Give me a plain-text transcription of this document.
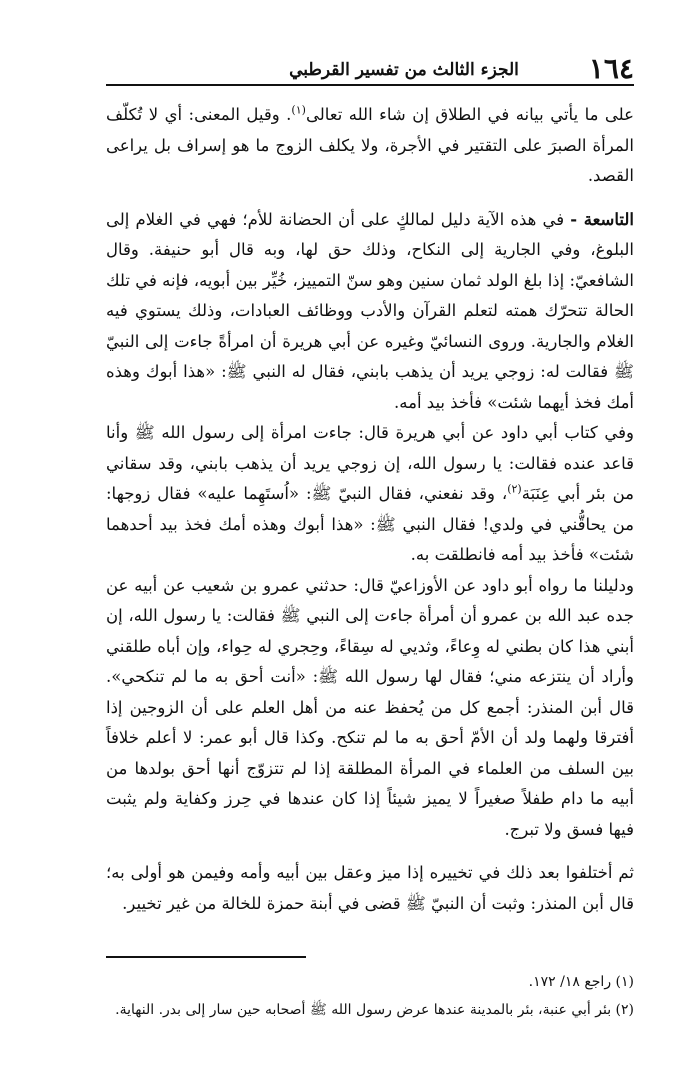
١٦٤
الجزء الثالث من تفسير القرطبي

على ما يأتي بيانه في الطلاق إن شاء الله تعالى$^{(١)}$. وقيل المعنى: أي لا تُكلّف المرأة الصبرَ على التقتير في الأجرة، ولا يكلف الزوج ما هو إسراف بل يراعى القصد.

التاسعة - في هذه الآية دليل لمالكٍ على أن الحضانة للأم؛ فهي في الغلام إلى البلوغ، وفي الجارية إلى النكاح، وذلك حق لها، وبه قال أبو حنيفة. وقال الشافعيّ: إذا بلغ الولد ثمان سنين وهو سنّ التمييز، خُيِّر بين أبويه، فإنه في تلك الحالة تتحرّك همته لتعلم القرآن والأدب ووظائف العبادات، وذلك يستوي فيه الغلام والجارية. وروى النسائيّ وغيره عن أبي هريرة أن امرأةً جاءت إلى النبيّ ﷺ فقالت له: زوجي يريد أن يذهب بابني، فقال له النبي ﷺ: «هذا أبوك وهذه أمك فخذ أيهما شئت» فأخذ بيد أمه.

وفي كتاب أبي داود عن أبي هريرة قال: جاءت امرأة إلى رسول الله ﷺ وأنا قاعد عنده فقالت: يا رسول الله، إن زوجي يريد أن يذهب بابني، وقد سقاني من بئر أبي عِنَبَة$^{(٢)}$، وقد نفعني، فقال النبيّ ﷺ: «اُستَهِما عليه» فقال زوجها: من يحاقُّني في ولدي! فقال النبي ﷺ: «هذا أبوك وهذه أمك فخذ بيد أحدهما شئت» فأخذ بيد أمه فانطلقت به.

ودليلنا ما رواه أبو داود عن الأوزاعيّ قال: حدثني عمرو بن شعيب عن أبيه عن جده عبد الله بن عمرو أن أمرأة جاءت إلى النبي ﷺ فقالت: يا رسول الله، إن أبني هذا كان بطني له وِعاءً، وثديي له سِقاءً، وحِجري له حِواء، وإن أباه طلقني وأراد أن ينتزعه مني؛ فقال لها رسول الله ﷺ: «أنت أحق به ما لم تنكحي». قال أبن المنذر: أجمع كل من يُحفظ عنه من أهل العلم على أن الزوجين إذا أفترقا ولهما ولد أن الأمّ أحق به ما لم تنكح. وكذا قال أبو عمر: لا أعلم خلافاً بين السلف من العلماء في المرأة المطلقة إذا لم تتزوّج أنها أحق بولدها من أبيه ما دام طفلاً صغيراً لا يميز شيئاً إذا كان عندها في حِرز وكفاية ولم يثبت فيها فسق ولا تبرج.

ثم أختلفوا بعد ذلك في تخييره إذا ميز وعقل بين أبيه وأمه وفيمن هو أولى به؛ قال أبن المنذر: وثبت أن النبيّ ﷺ قضى في أبنة حمزة للخالة من غير تخيير.

(١) راجع ١٨/ ١٧٢.

(٢) بئر أبي عنبة، بئر بالمدينة عندها عرض رسول الله ﷺ أصحابه حين سار إلى بدر. النهاية.
